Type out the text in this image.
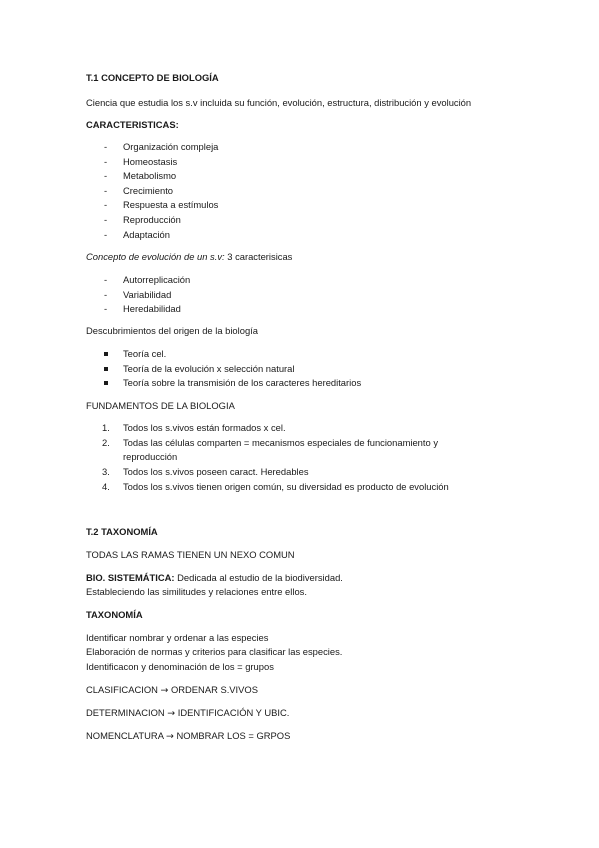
T.1 CONCEPTO DE BIOLOGÍA
Ciencia que estudia los s.v incluida su función, evolución, estructura, distribución y evolución
CARACTERISTICAS:
- Organización compleja
- Homeostasis
- Metabolismo
- Crecimiento
- Respuesta a estímulos
- Reproducción
- Adaptación
Concepto de evolución de un s.v: 3 caracterisicas
- Autorreplicación
- Variabilidad
- Heredabilidad
Descubrimientos del origen de la biología
Teoría cel.
Teoría de la evolución x selección natural
Teoría sobre la transmisión de los caracteres hereditarios
FUNDAMENTOS DE LA BIOLOGIA
1. Todos los s.vivos están formados x cel.
2. Todas las células comparten = mecanismos especiales de funcionamiento y
reproducción
3. Todos los s.vivos poseen caract. Heredables
4. Todos los s.vivos tienen origen común, su diversidad es producto de evolución
T.2 TAXONOMÍA
TODAS LAS RAMAS TIENEN UN NEXO COMUN
BIO. SISTEMÁTICA: Dedicada al estudio de la biodiversidad.
Estableciendo las similitudes y relaciones entre ellos.
TAXONOMÍA
Identificar nombrar y ordenar a las especies
Elaboración de normas y criterios para clasificar las especies.
Identificacon y denominación de los = grupos
CLASIFICACION → ORDENAR S.VIVOS
DETERMINACION → IDENTIFICACIÓN Y UBIC.
NOMENCLATURA → NOMBRAR LOS = GRPOS
